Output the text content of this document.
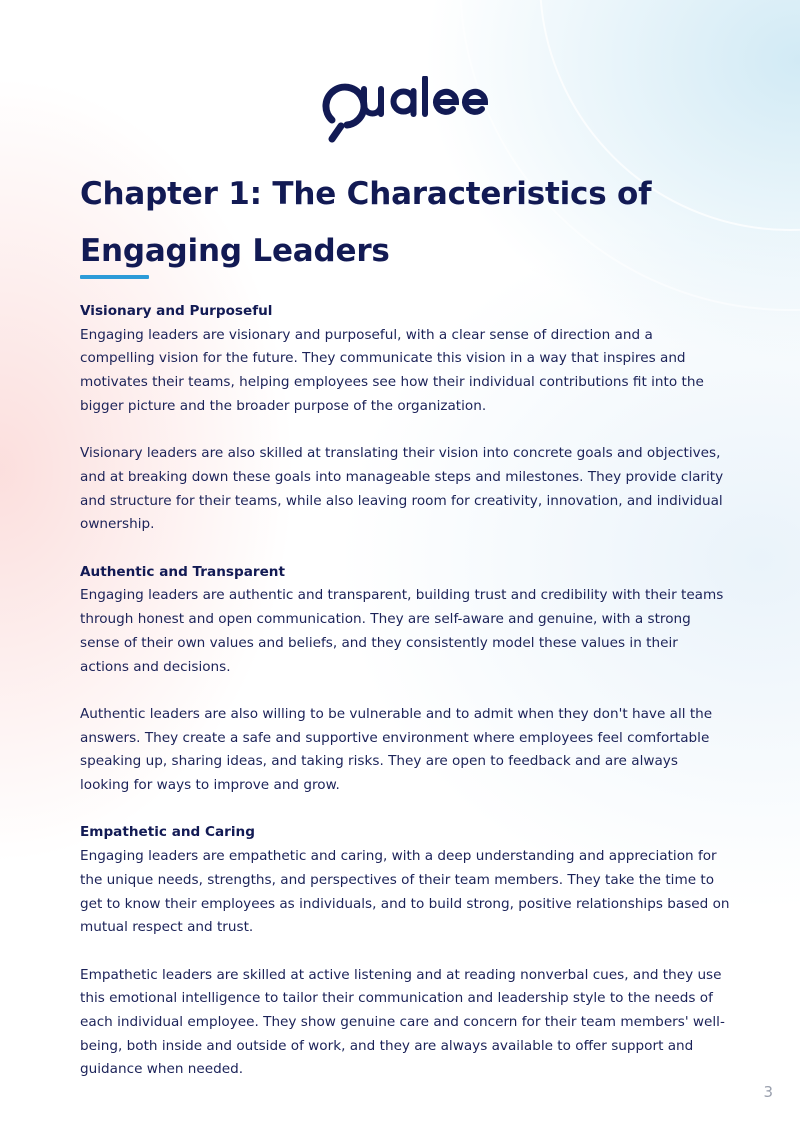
Chapter 1: The Characteristics of Engaging Leaders
Visionary and Purposeful

Engaging leaders are visionary and purposeful, with a clear sense of direction and a compelling vision for the future. They communicate this vision in a way that inspires and motivates their teams, helping employees see how their individual contributions fit into the bigger picture and the broader purpose of the organization.

Visionary leaders are also skilled at translating their vision into concrete goals and objectives, and at breaking down these goals into manageable steps and milestones. They provide clarity and structure for their teams, while also leaving room for creativity, innovation, and individual ownership.

Authentic and Transparent

Engaging leaders are authentic and transparent, building trust and credibility with their teams through honest and open communication. They are self-aware and genuine, with a strong sense of their own values and beliefs, and they consistently model these values in their actions and decisions.

Authentic leaders are also willing to be vulnerable and to admit when they don't have all the answers. They create a safe and supportive environment where employees feel comfortable speaking up, sharing ideas, and taking risks. They are open to feedback and are always looking for ways to improve and grow.

Empathetic and Caring

Engaging leaders are empathetic and caring, with a deep understanding and appreciation for the unique needs, strengths, and perspectives of their team members. They take the time to get to know their employees as individuals, and to build strong, positive relationships based on mutual respect and trust.

Empathetic leaders are skilled at active listening and at reading nonverbal cues, and they use this emotional intelligence to tailor their communication and leadership style to the needs of each individual employee. They show genuine care and concern for their team members' well-being, both inside and outside of work, and they are always available to offer support and guidance when needed.

3
